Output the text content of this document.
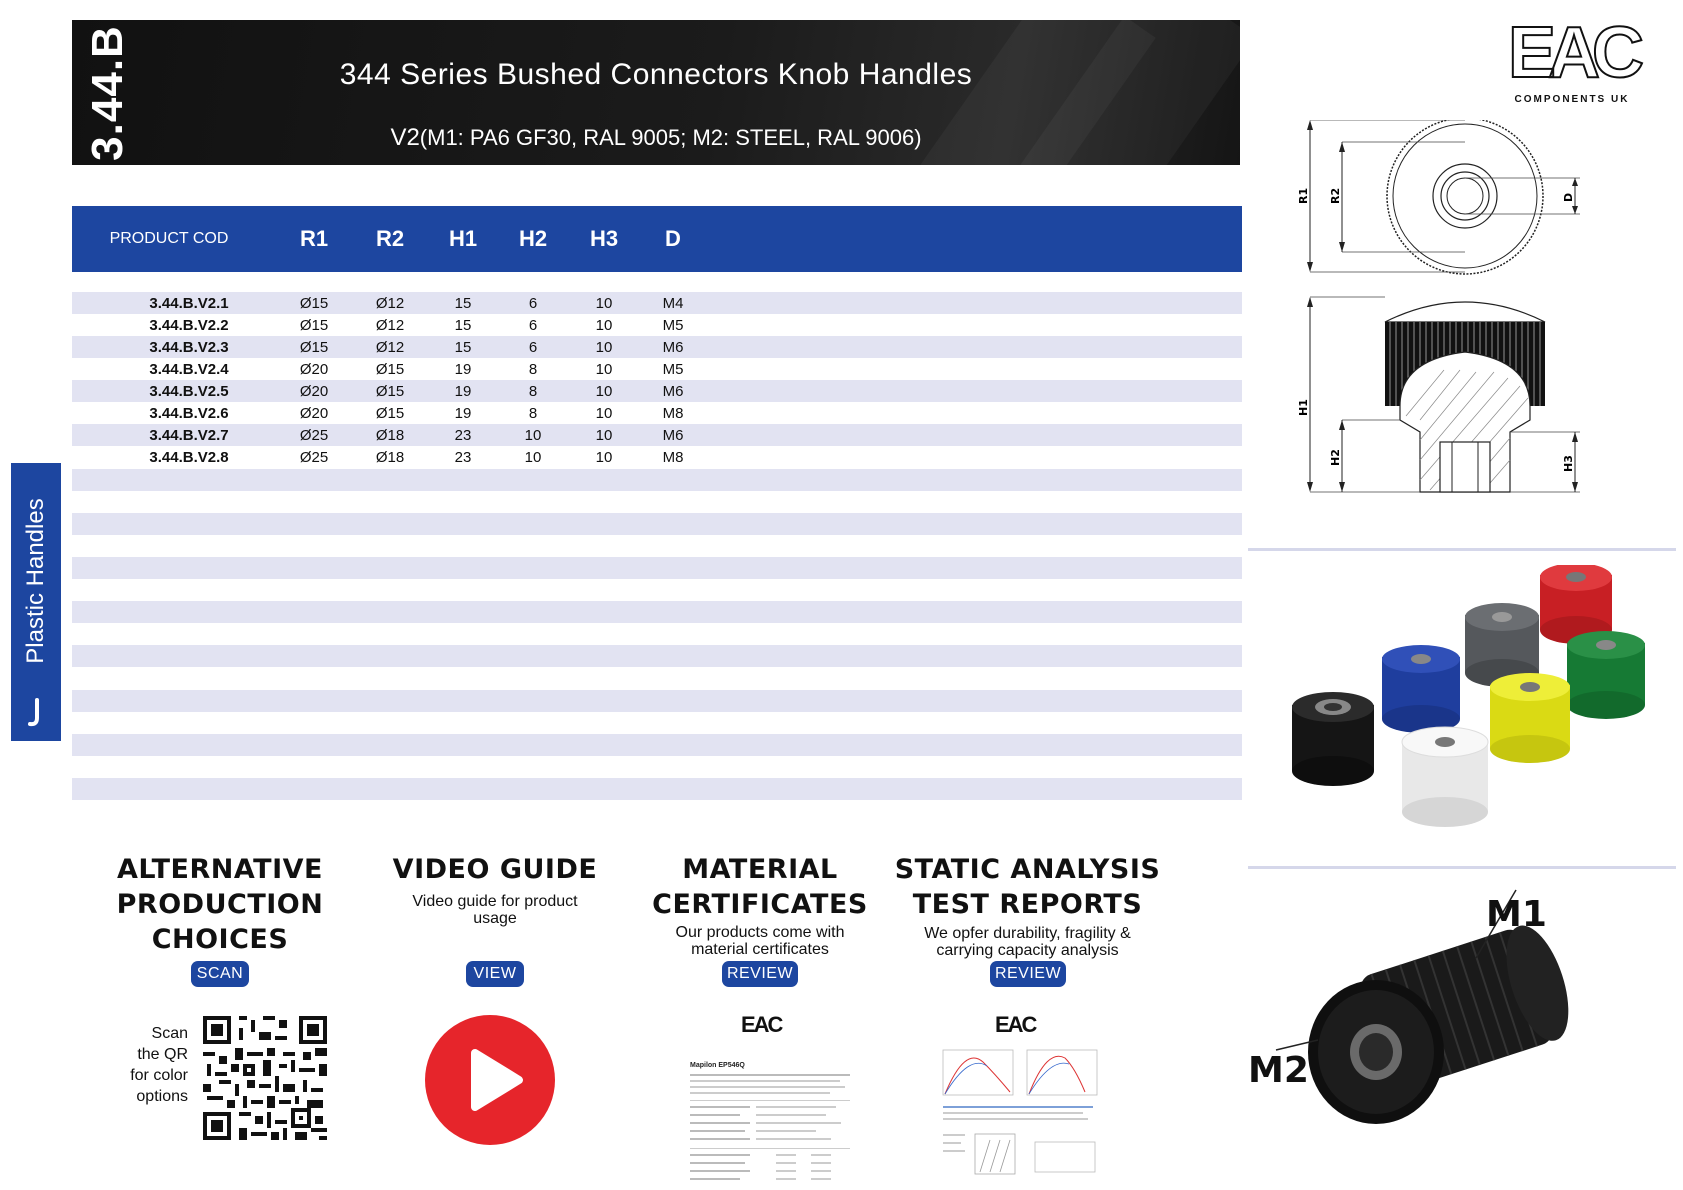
3.44.B	344 Series Bushed Connectors Knob Handles
V2(M1: PA6 GF30, RAL 9005; M2: STEEL, RAL 9006)
EAC
COMPONENTS UK
PRODUCT COD	R1	R2	H1	H2	H3	D
3.44.B.V2.1	Ø15	Ø12	15	6	10	M4
3.44.B.V2.2	Ø15	Ø12	15	6	10	M5
3.44.B.V2.3	Ø15	Ø12	15	6	10	M6
3.44.B.V2.4	Ø20	Ø15	19	8	10	M5
3.44.B.V2.5	Ø20	Ø15	19	8	10	M6
3.44.B.V2.6	Ø20	Ø15	19	8	10	M8
3.44.B.V2.7	Ø25	Ø18	23	10	10	M6
3.44.B.V2.8	Ø25	Ø18	23	10	10	M8
Plastic Handles
R1 R2	D
H1
H2	H3
M1
M2
ALTERNATIVE
PRODUCTION
CHOICES
SCAN
Scan
the QR
for color
options
VIDEO GUIDE
Video guide for product
usage
VIEW
MATERIAL
CERTIFICATES
Our products come with
material certificates
REVIEW
EAC
Mapilon EP546Q
STATIC ANALYSIS
TEST REPORTS
We opfer durability, fragility &
carrying capacity analysis
REVIEW
EAC
